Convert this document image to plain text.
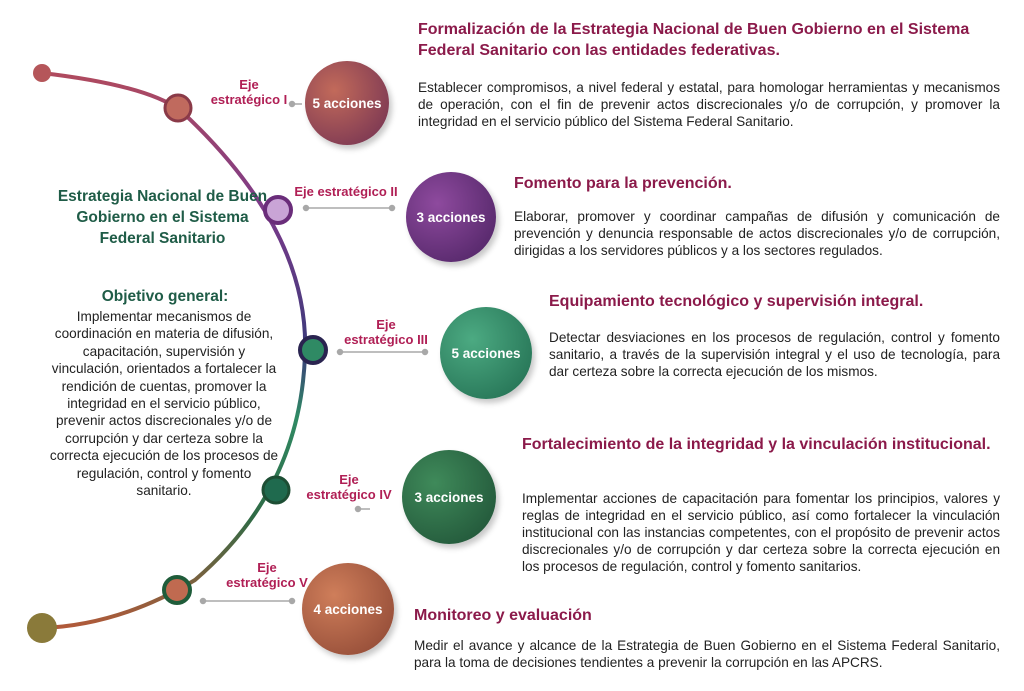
Estrategia Nacional de Buen Gobierno en el Sistema Federal Sanitario
Objetivo general:
Implementar mecanismos de coordinación en materia de difusión, capacitación, supervisión y vinculación, orientados a fortalecer la rendición de cuentas, promover la integridad en el servicio público, prevenir actos discrecionales y/o de corrupción y dar certeza sobre la correcta ejecución de los procesos de regulación, control y fomento sanitario.
Eje estratégico I	5 acciones
Formalización de la Estrategia Nacional de Buen Gobierno en el Sistema Federal Sanitario con las entidades federativas.
Establecer compromisos, a nivel federal y estatal, para homologar herramientas y mecanismos de operación, con el fin de prevenir actos discrecionales y/o de corrupción, y promover la integridad en el servicio público del Sistema Federal Sanitario.
Eje estratégico II
3 acciones
Fomento para la prevención.
Elaborar, promover y coordinar campañas de difusión y comunicación de prevención y denuncia responsable de actos discrecionales y/o de corrupción, dirigidas a los servidores públicos y a los sectores regulados.
Eje estratégico III
5 acciones
Equipamiento tecnológico y supervisión integral.
Detectar desviaciones en los procesos de regulación, control y fomento sanitario, a través de la supervisión integral y el uso de tecnología, para dar certeza sobre la correcta ejecución de los mismos.
Eje estratégico IV	3 acciones
Fortalecimiento de la integridad y la vinculación institucional.
Implementar acciones de capacitación para fomentar los principios, valores y reglas de integridad en el servicio público, así como fortalecer la vinculación institucional con las instancias competentes, con el propósito de prevenir actos discrecionales y/o de corrupción y dar certeza sobre la correcta ejecución en los procesos de regulación, control y fomento sanitarios.
Eje estratégico V
4 acciones	Monitoreo y evaluación
Medir el avance y alcance de la Estrategia de Buen Gobierno en el Sistema Federal Sanitario, para la toma de decisiones tendientes a prevenir la corrupción en las APCRS.
